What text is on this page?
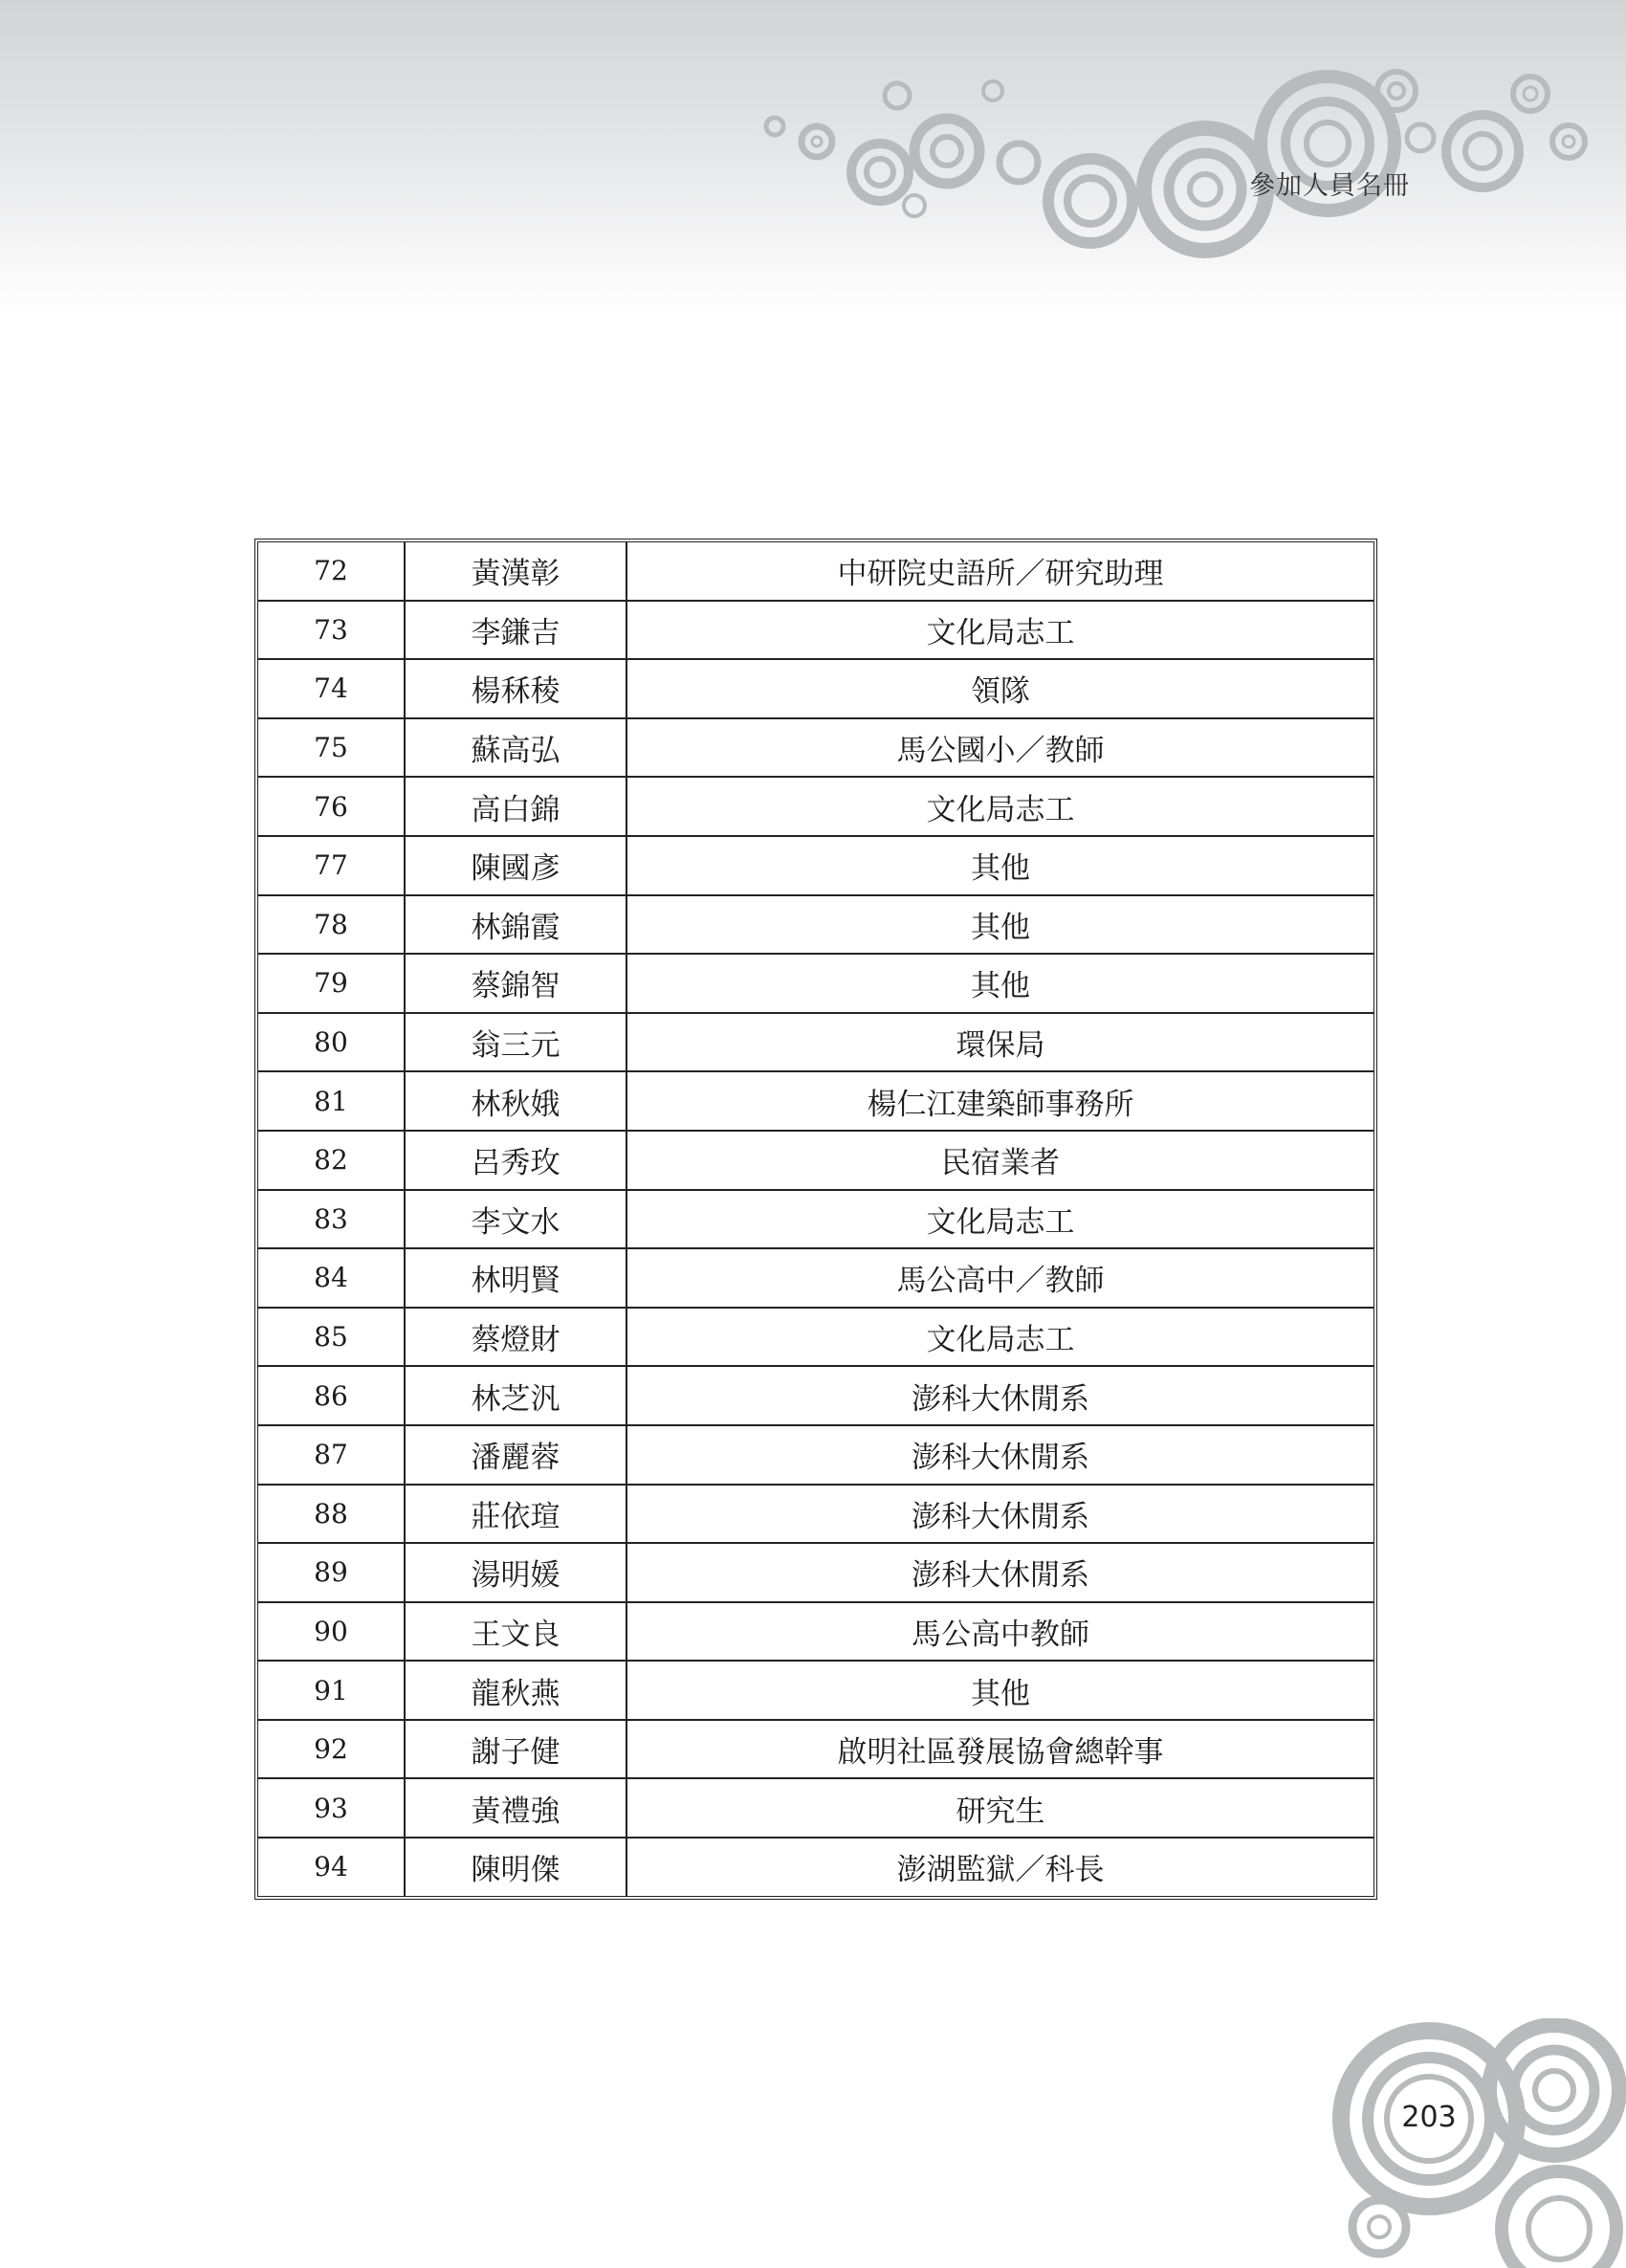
參加人員名冊
72	黃漢彰	中研院史語所／研究助理
73	李鎌吉	文化局志工
74	楊秝稜	領隊
75	蘇高弘	馬公國小／教師
76	高白錦	文化局志工
77	陳國彥	其他
78	林錦霞	其他
79	蔡錦智	其他
80	翁三元	環保局
81	林秋娥	楊仁江建築師事務所
82	呂秀玫	民宿業者
83	李文水	文化局志工
84	林明賢	馬公高中／教師
85	蔡燈財	文化局志工
86	林芝汎	澎科大休閒系
87	潘麗蓉	澎科大休閒系
88	莊依瑄	澎科大休閒系
89	湯明媛	澎科大休閒系
90	王文良	馬公高中教師
91	龍秋燕	其他
92	謝子健	啟明社區發展協會總幹事
93	黃禮強	研究生
94	陳明傑	澎湖監獄／科長
203
